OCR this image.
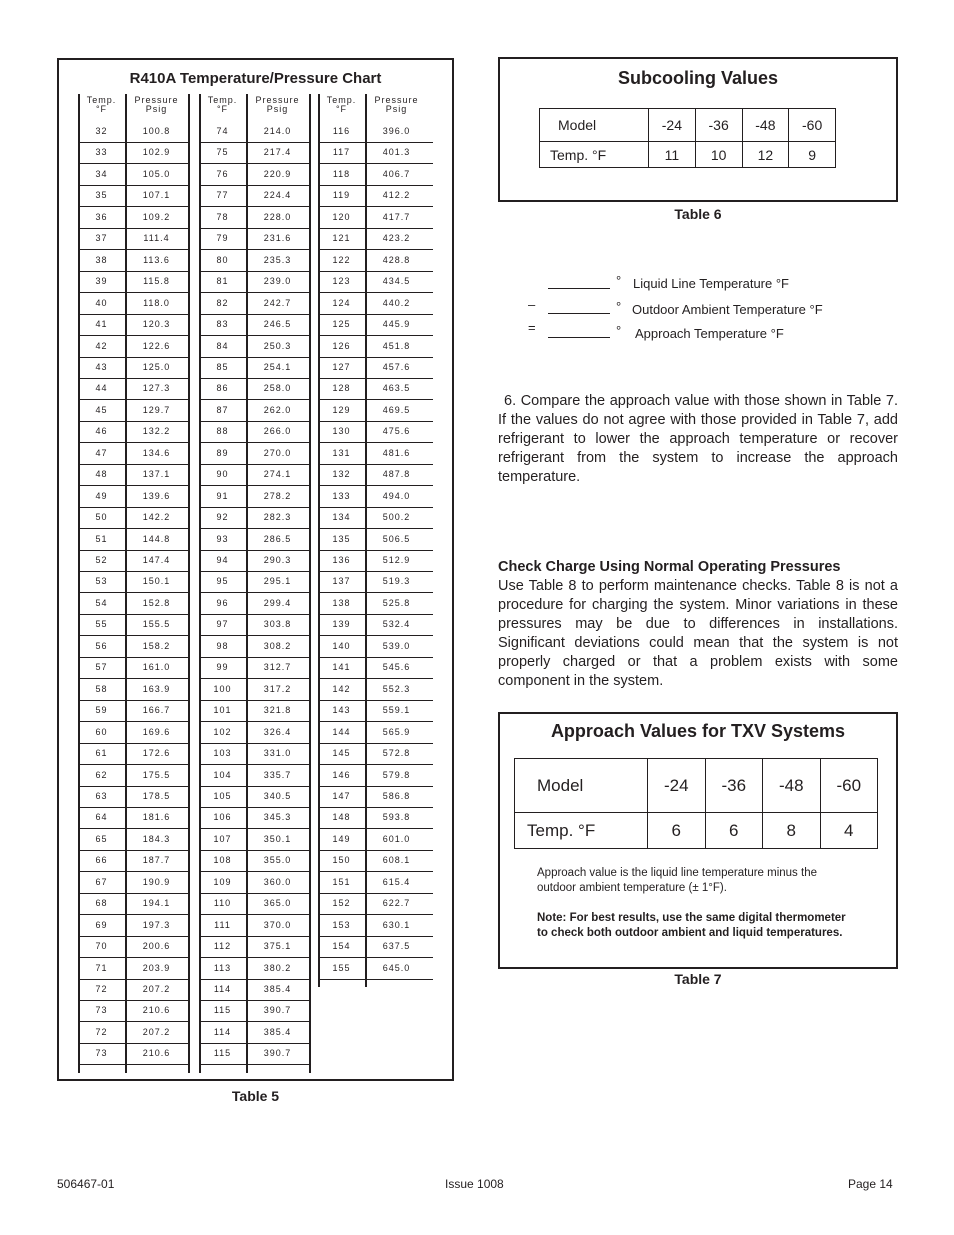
R410A Temperature/Pressure Chart
Temp.
°F
Pressure
Psig
32	100.8
33	102.9
34	105.0
35	107.1
36	109.2
37	111.4
38	113.6
39	115.8
40	118.0
41	120.3
42	122.6
43	125.0
44	127.3
45	129.7
46	132.2
47	134.6
48	137.1
49	139.6
50	142.2
51	144.8
52	147.4
53	150.1
54	152.8
55	155.5
56	158.2
57	161.0
58	163.9
59	166.7
60	169.6
61	172.6
62	175.5
63	178.5
64	181.6
65	184.3
66	187.7
67	190.9
68	194.1
69	197.3
70	200.6
71	203.9
72	207.2
73	210.6
72	207.2
73	210.6
Temp.
°F
Pressure
Psig
74	214.0
75	217.4
76	220.9
77	224.4
78	228.0
79	231.6
80	235.3
81	239.0
82	242.7
83	246.5
84	250.3
85	254.1
86	258.0
87	262.0
88	266.0
89	270.0
90	274.1
91	278.2
92	282.3
93	286.5
94	290.3
95	295.1
96	299.4
97	303.8
98	308.2
99	312.7
100	317.2
101	321.8
102	326.4
103	331.0
104	335.7
105	340.5
106	345.3
107	350.1
108	355.0
109	360.0
110	365.0
111	370.0
112	375.1
113	380.2
114	385.4
115	390.7
114	385.4
115	390.7
Temp.
°F
Pressure
Psig
116	396.0
117	401.3
118	406.7
119	412.2
120	417.7
121	423.2
122	428.8
123	434.5
124	440.2
125	445.9
126	451.8
127	457.6
128	463.5
129	469.5
130	475.6
131	481.6
132	487.8
133	494.0
134	500.2
135	506.5
136	512.9
137	519.3
138	525.8
139	532.4
140	539.0
141	545.6
142	552.3
143	559.1
144	565.9
145	572.8
146	579.8
147	586.8
148	593.8
149	601.0
150	608.1
151	615.4
152	622.7
153	630.1
154	637.5
155	645.0
Table 5
Subcooling Values
Model	-24	-36	-48	-60
Temp. °F	11	10	12	9
Table 6
–
=
°
°
°
Liquid Line Temperature °F
Outdoor Ambient Temperature °F
Approach Temperature °F
6. Compare the approach value with those shown in Table 7. If the values do not agree with those provided in Table 7, add refrigerant to lower the approach temperature or recover refrigerant from the system to increase the approach temperature.
Check Charge Using Normal Operating Pressures
Use Table 8 to perform maintenance checks. Table 8 is not a procedure for charging the system. Minor variations in these pressures may be due to differences in installations. Significant deviations could mean that the system is not properly charged or that a problem exists with some component in the system.
Approach Values for TXV Systems
Model	-24	-36	-48	-60
Temp. °F	6	6	8	4
Approach value is the liquid line temperature minus the outdoor ambient temperature (± 1°F).
Note: For best results, use the same digital thermometer to check both outdoor ambient and liquid temperatures.
Table 7
506467-01	Issue 1008	Page 14
